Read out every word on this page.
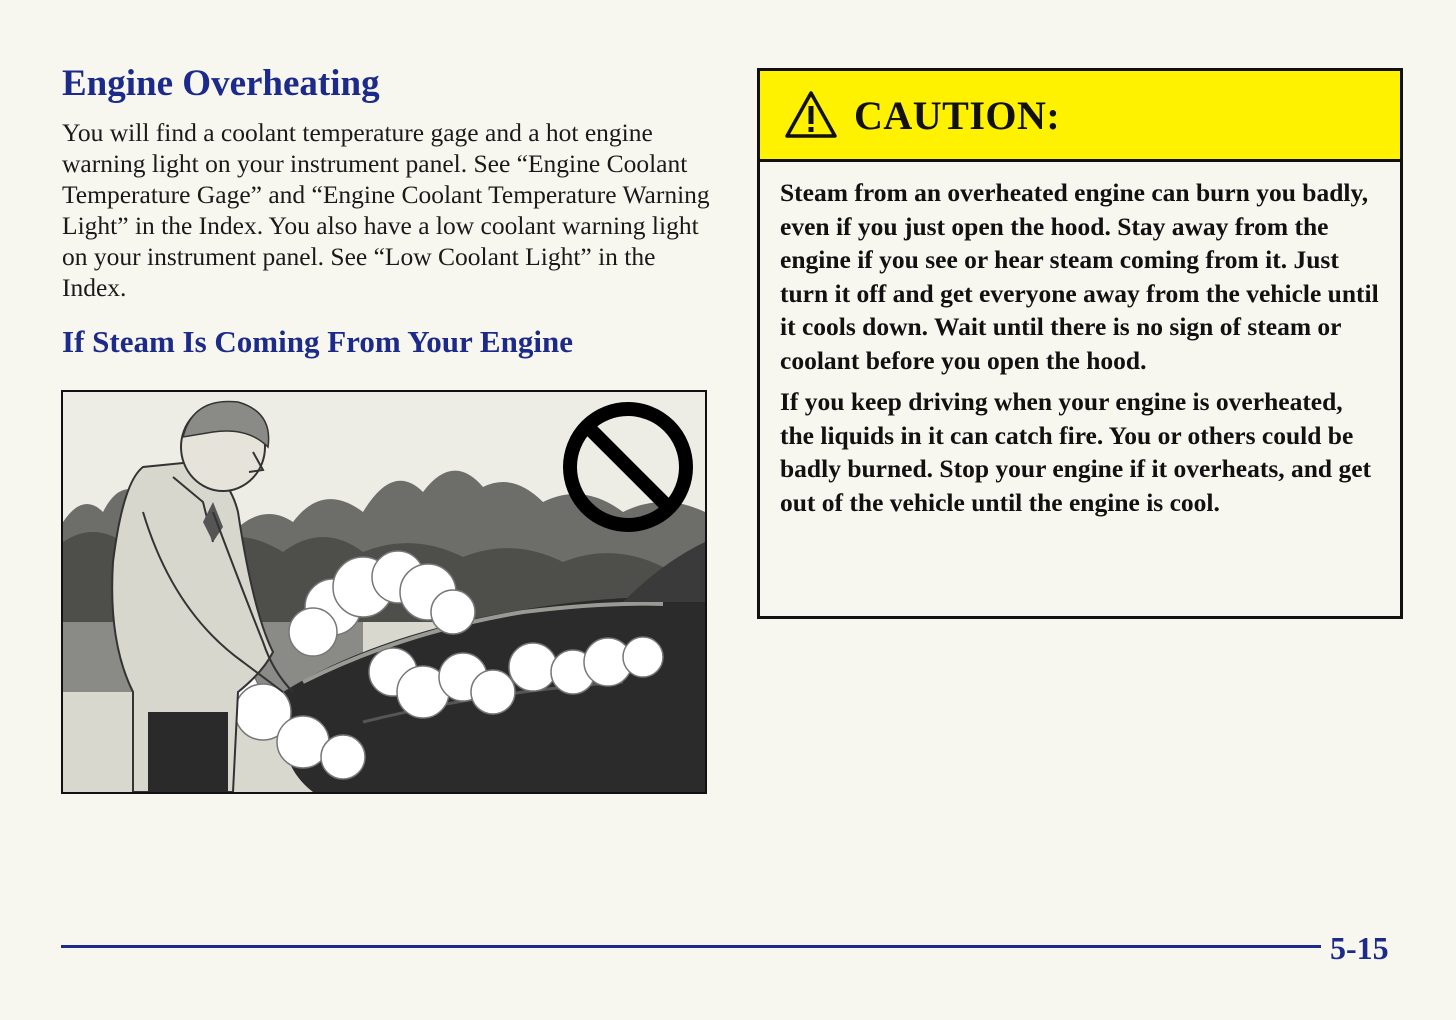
Engine Overheating

You will find a coolant temperature gage and a hot engine warning light on your instrument panel. See “Engine Coolant Temperature Gage” and “Engine Coolant Temperature Warning Light” in the Index. You also have a low coolant warning light on your instrument panel. See “Low Coolant Light” in the Index.

If Steam Is Coming From Your Engine
CAUTION:

Steam from an overheated engine can burn you badly, even if you just open the hood. Stay away from the engine if you see or hear steam coming from it. Just turn it off and get everyone away from the vehicle until it cools down. Wait until there is no sign of steam or coolant before you open the hood.

If you keep driving when your engine is overheated, the liquids in it can catch fire. You or others could be badly burned. Stop your engine if it overheats, and get out of the vehicle until the engine is cool.

5-15
